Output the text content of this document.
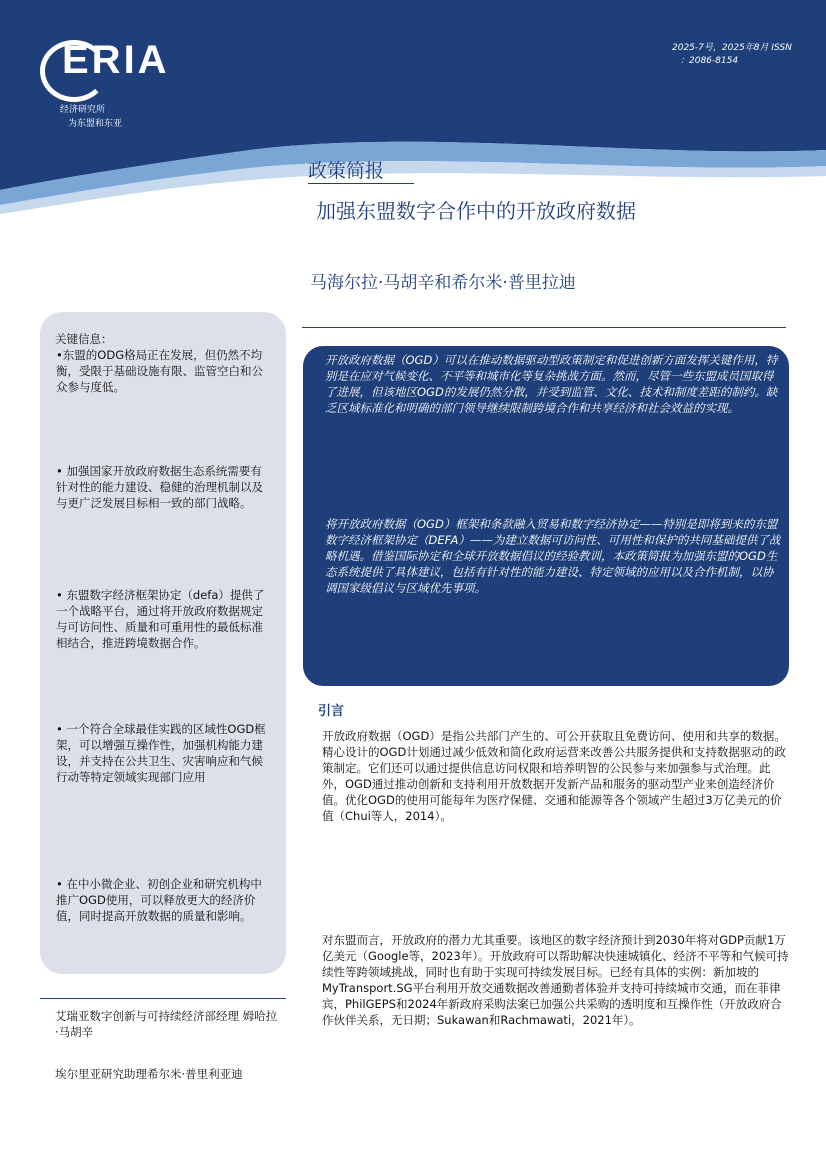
ERIA
经济研究所
为东盟和东亚
2025-7号，2025年8月 ISSN
：2086-8154
政策简报
加强东盟数字合作中的开放政府数据
马海尔拉·马胡辛和希尔米·普里拉迪
关键信息：
•东盟的ODG格局正在发展，但仍然不均衡，受限于基础设施有限、监管空白和公众参与度低。
• 加强国家开放政府数据生态系统需要有针对性的能力建设、稳健的治理机制以及与更广泛发展目标相一致的部门战略。
• 东盟数字经济框架协定（defa）提供了一个战略平台，通过将开放政府数据规定与可访问性、质量和可重用性的最低标准相结合，推进跨境数据合作。
• 一个符合全球最佳实践的区域性OGD框架，可以增强互操作性，加强机构能力建设，并支持在公共卫生、灾害响应和气候行动等特定领域实现部门应用
• 在中小微企业、初创企业和研究机构中推广OGD使用，可以释放更大的经济价值，同时提高开放数据的质量和影响。
艾瑞亚数字创新与可持续经济部经理 姆哈拉·马胡辛
埃尔里亚研究助理希尔米·普里利亚迪

开放政府数据（OGD）可以在推动数据驱动型政策制定和促进创新方面发挥关键作用，特别是在应对气候变化、不平等和城市化等复杂挑战方面。然而，尽管一些东盟成员国取得了进展，但该地区OGD的发展仍然分散，并受到监管、文化、技术和制度差距的制约。缺乏区域标准化和明确的部门领导继续限制跨境合作和共享经济和社会效益的实现。

将开放政府数据（OGD）框架和条款融入贸易和数字经济协定——特别是即将到来的东盟数字经济框架协定（DEFA）——为建立数据可访问性、可用性和保护的共同基础提供了战略机遇。借鉴国际协定和全球开放数据倡议的经验教训，本政策简报为加强东盟的OGD生态系统提供了具体建议，包括有针对性的能力建设、特定领域的应用以及合作机制，以协调国家级倡议与区域优先事项。

引言

开放政府数据（OGD）是指公共部门产生的、可公开获取且免费访问、使用和共享的数据。精心设计的OGD计划通过减少低效和简化政府运营来改善公共服务提供和支持数据驱动的政策制定。它们还可以通过提供信息访问权限和培养明智的公民参与来加强参与式治理。此外，OGD通过推动创新和支持利用开放数据开发新产品和服务的驱动型产业来创造经济价值。优化OGD的使用可能每年为医疗保健、交通和能源等各个领域产生超过3万亿美元的价值（Chui等人，2014）。

对东盟而言，开放政府的潜力尤其重要。该地区的数字经济预计到2030年将对GDP贡献1万亿美元（Google等，2023年）。开放政府可以帮助解决快速城镇化、经济不平等和气候可持续性等跨领域挑战，同时也有助于实现可持续发展目标。已经有具体的实例：新加坡的MyTransport.SG平台利用开放交通数据改善通勤者体验并支持可持续城市交通，而在菲律宾，PhilGEPS和2024年新政府采购法案已加强公共采购的透明度和互操作性（开放政府合作伙伴关系，无日期；Sukawan和Rachmawati，2021年）。
